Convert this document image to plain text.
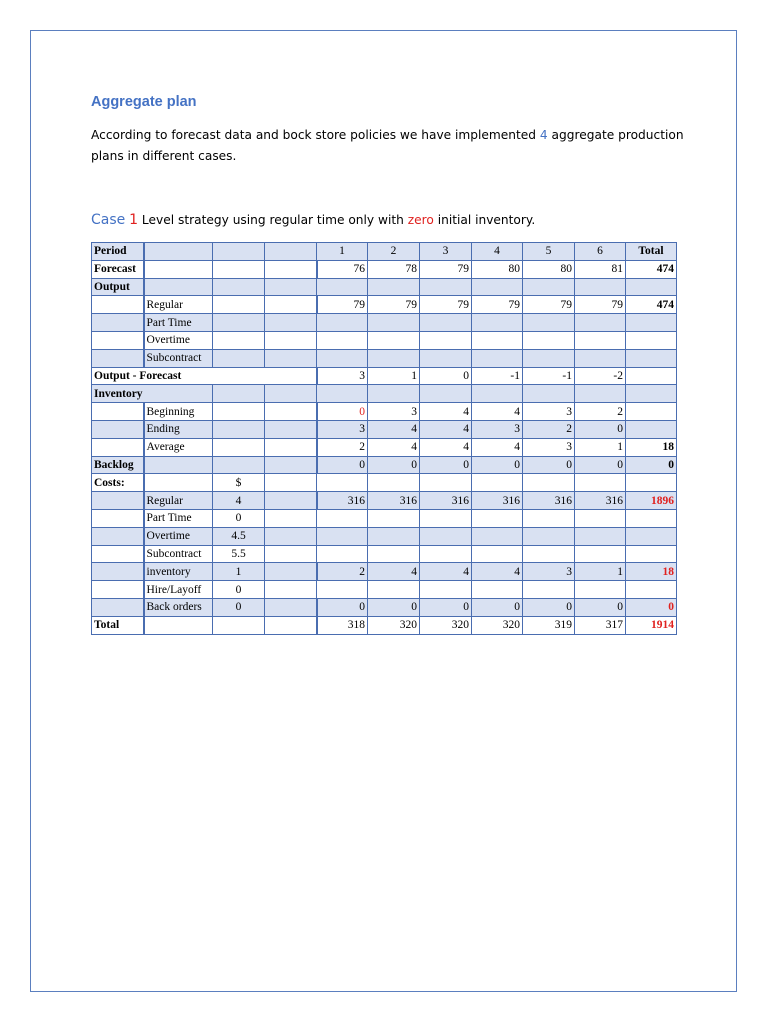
Aggregate plan

According to forecast data and bock store policies we have implemented 4 aggregate production plans in different cases.

Case 1 Level strategy using regular time only with zero initial inventory.
Period				1	2	3	4	5	6	Total
Forecast				76	78	79	80	80	81	474
Output										
	Regular			79	79	79	79	79	79	474
	Part Time									
	Overtime									
	Subcontract									
Output - Forecast				3	1	0	-1	-1	-2	
Inventory										
	Beginning			0	3	4	4	3	2	
	Ending			3	4	4	3	2	0	
	Average			2	4	4	4	3	1	18
Backlog				0	0	0	0	0	0	0
Costs:		$								
	Regular	4		316	316	316	316	316	316	1896
	Part Time	0								
	Overtime	4.5								
	Subcontract	5.5								
	inventory	1		2	4	4	4	3	1	18
	Hire/Layoff	0								
	Back orders	0		0	0	0	0	0	0	0
Total				318	320	320	320	319	317	1914
